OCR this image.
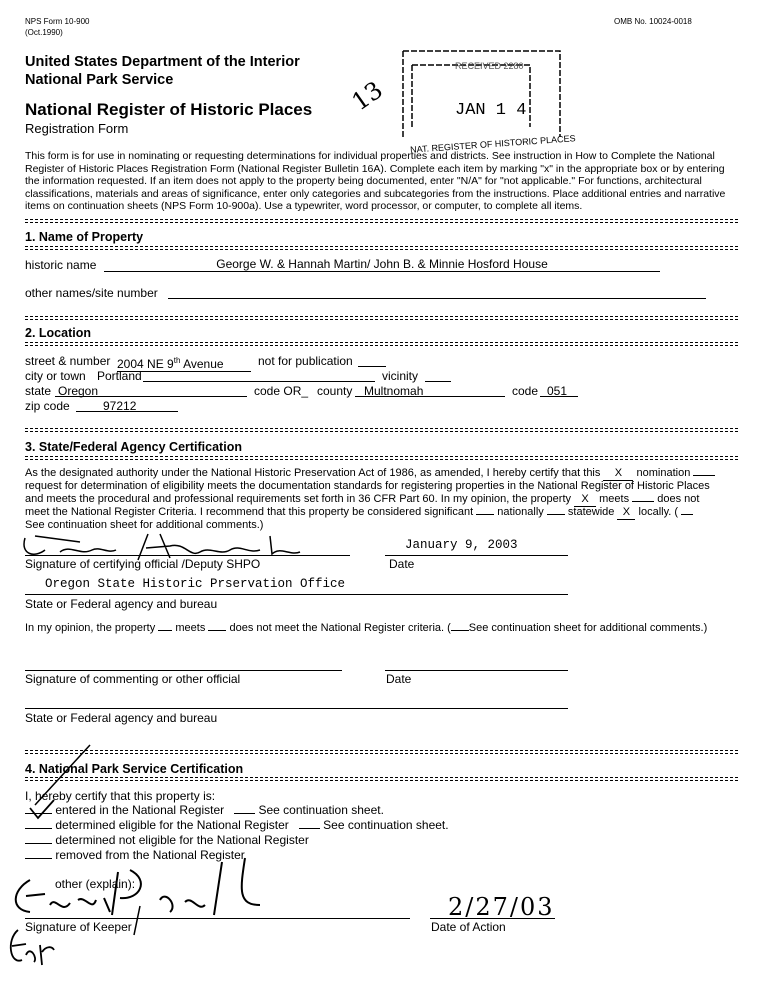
NPS Form 10-900
(Oct.1990)
OMB No. 10024-0018
United States Department of the Interior
National Park Service
National Register of Historic Places
Registration Form
13
RECEIVED 2280
JAN 1 4
NAT. REGISTER OF HISTORIC PLACES
This form is for use in nominating or requesting determinations for individual properties and districts. See instruction in How to Complete the National Register of Historic Places Registration Form (National Register Bulletin 16A). Complete each item by marking "x" in the appropriate box or by entering the information requested. If an item does not apply to the property being documented, enter "N/A" for "not applicable." For functions, architectural classifications, materials and areas of significance, enter only categories and subcategories from the instructions. Place additional entries and narrative items on continuation sheets (NPS Form 10-900a). Use a typewriter, word processor, or computer, to complete all items.
1. Name of Property
historic name	George W. & Hannah Martin/ John B. & Minnie Hosford House
other names/site number
2. Location
street & number 2004 NE 9th Avenue	not for publication
city or town Portland	vicinity
state Oregon	code OR_ county Multnomah	code 051
zip code	97212
3. State/Federal Agency Certification
As the designated authority under the National Historic Preservation Act of 1986, as amended, I hereby certify that this X nomination
request for determination of eligibility meets the documentation standards for registering properties in the National Register of Historic Places
and meets the procedural and professional requirements set forth in 36 CFR Part 60. In my opinion, the property X meets	does not
meet the National Register Criteria. I recommend that this property be considered significant nationally statewide X locally. (
See continuation sheet for additional comments.)
Signature of certifying official /Deputy SHPO
January 9, 2003
Date
Oregon State Historic Prservation Office
State or Federal agency and bureau
In my opinion, the property meets does not meet the National Register criteria. ( See continuation sheet for additional comments.)
Signature of commenting or other official	Date
State or Federal agency and bureau
4. National Park Service Certification
I, hereby certify that this property is:
entered in the National Register	See continuation sheet.
determined eligible for the National Register	See continuation sheet.
determined not eligible for the National Register
removed from the National Register
other (explain):
2/27/03
Date of Action
Signature of Keeper
